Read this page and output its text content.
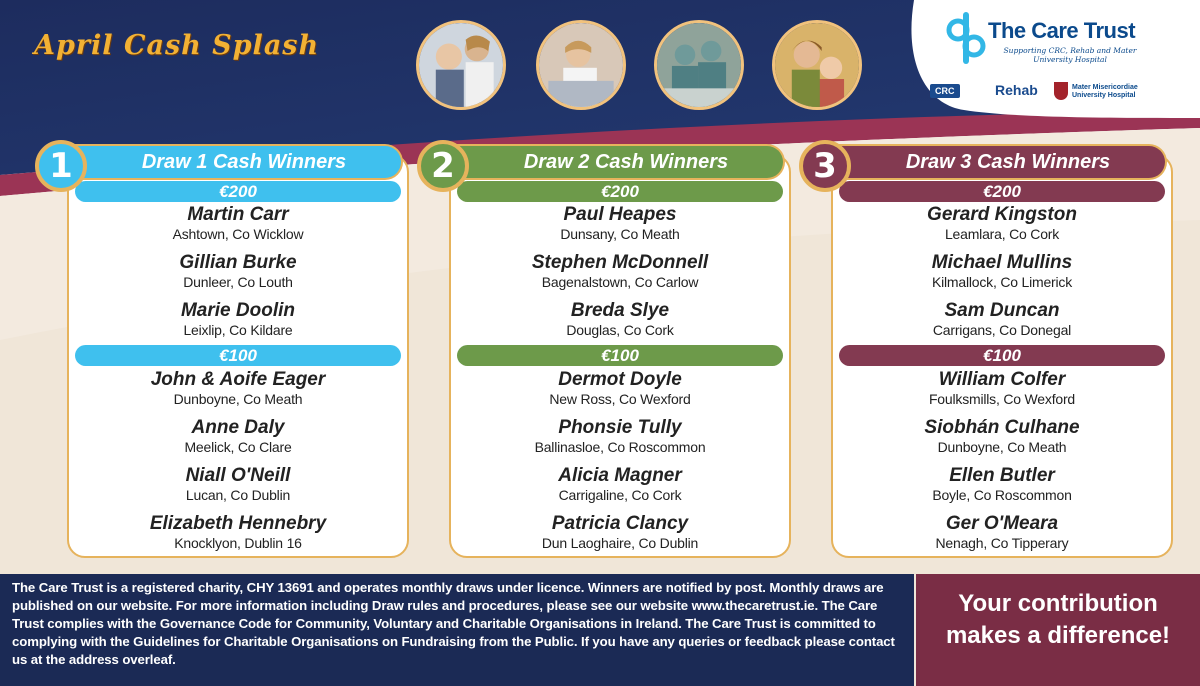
April Cash Splash	The Care Trust
Supporting CRC, Rehab and Mater University Hospital
CRC	Rehab	Mater Misericordiae University Hospital
Draw 1 Cash Winners
1
€200
Martin Carr
Ashtown, Co Wicklow
Gillian Burke
Dunleer, Co Louth
Marie Doolin
Leixlip, Co Kildare
€100
John & Aoife Eager
Dunboyne, Co Meath
Anne Daly
Meelick, Co Clare
Niall O'Neill
Lucan, Co Dublin
Elizabeth Hennebry
Knocklyon, Dublin 16
Draw 2 Cash Winners
2
€200
Paul Heapes
Dunsany, Co Meath
Stephen McDonnell
Bagenalstown, Co Carlow
Breda Slye
Douglas, Co Cork
€100
Dermot Doyle
New Ross, Co Wexford
Phonsie Tully
Ballinasloe, Co Roscommon
Alicia Magner
Carrigaline, Co Cork
Patricia Clancy
Dun Laoghaire, Co Dublin
Draw 3 Cash Winners
3
€200
Gerard Kingston
Leamlara, Co Cork
Michael Mullins
Kilmallock, Co Limerick
Sam Duncan
Carrigans, Co Donegal
€100
William Colfer
Foulksmills, Co Wexford
Siobhán Culhane
Dunboyne, Co Meath
Ellen Butler
Boyle, Co Roscommon
Ger O'Meara
Nenagh, Co Tipperary
The Care Trust is a registered charity, CHY 13691 and operates monthly draws under licence. Winners are notified by post. Monthly draws are published on our website. For more information including Draw rules and procedures, please see our website www.thecaretrust.ie. The Care Trust complies with the Governance Code for Community, Voluntary and Charitable Organisations in Ireland. The Care Trust is committed to complying with the Guidelines for Charitable Organisations on Fundraising from the Public. If you have any queries or feedback please contact us at the address overleaf.
Your contribution
makes a difference!
